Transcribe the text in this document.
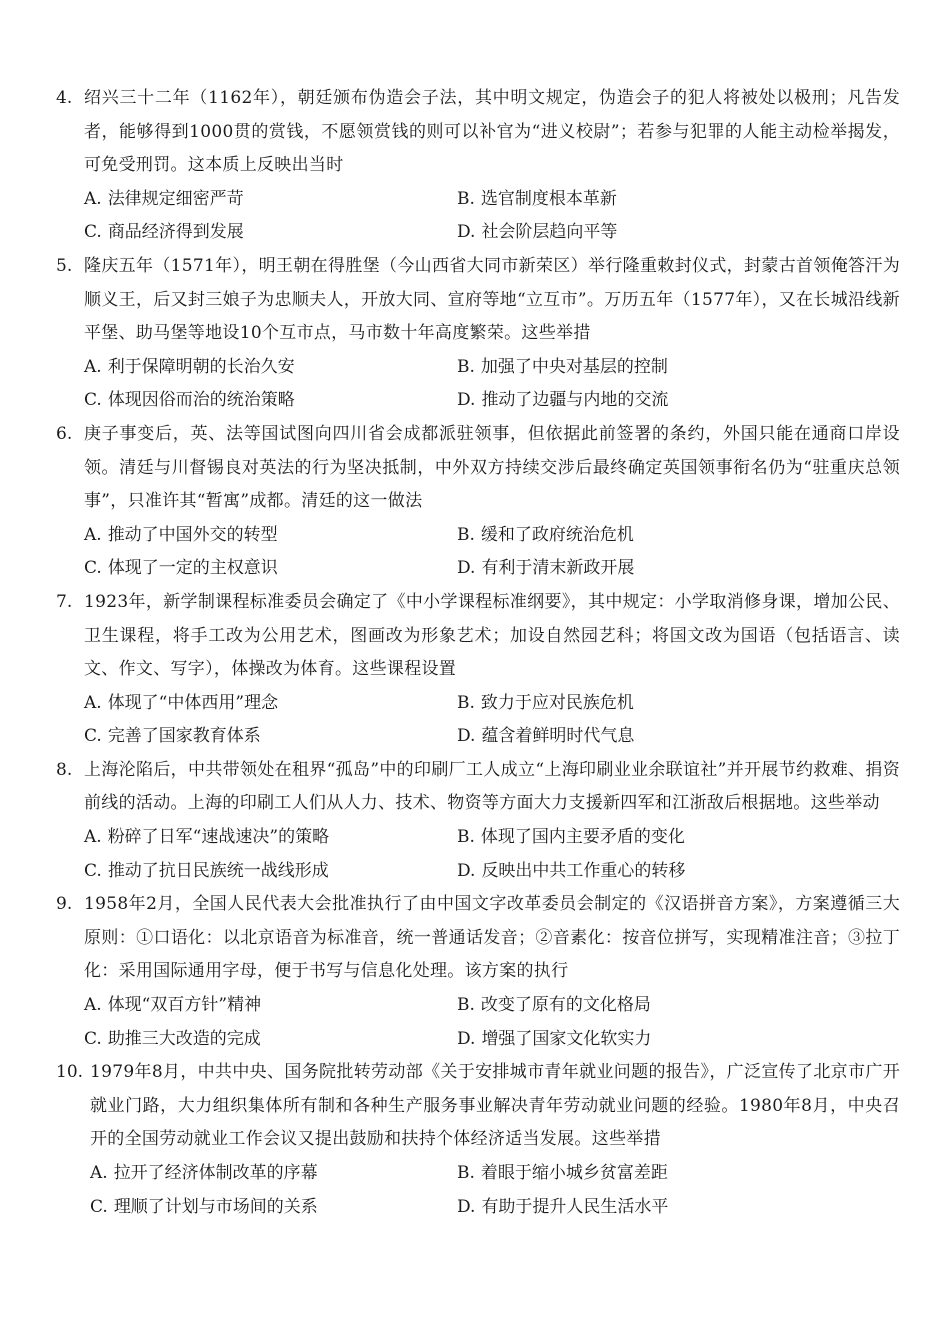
4. 绍兴三十二年（1162年），朝廷颁布伪造会子法，其中明文规定，伪造会子的犯人将被处以极刑；凡告发者，能够得到1000贯的赏钱，不愿领赏钱的则可以补官为“进义校尉”；若参与犯罪的人能主动检举揭发，可免受刑罚。这本质上反映出当时
A. 法律规定细密严苛	B. 选官制度根本革新
C. 商品经济得到发展	D. 社会阶层趋向平等
5. 隆庆五年（1571年），明王朝在得胜堡（今山西省大同市新荣区）举行隆重敕封仪式，封蒙古首领俺答汗为顺义王，后又封三娘子为忠顺夫人，开放大同、宣府等地“立互市”。万历五年（1577年），又在长城沿线新平堡、助马堡等地设10个互市点，马市数十年高度繁荣。这些举措
A. 利于保障明朝的长治久安	B. 加强了中央对基层的控制
C. 体现因俗而治的统治策略	D. 推动了边疆与内地的交流
6. 庚子事变后，英、法等国试图向四川省会成都派驻领事，但依据此前签署的条约，外国只能在通商口岸设领。清廷与川督锡良对英法的行为坚决抵制，中外双方持续交涉后最终确定英国领事衔名仍为“驻重庆总领事”，只准许其“暂寓”成都。清廷的这一做法
A. 推动了中国外交的转型	B. 缓和了政府统治危机
C. 体现了一定的主权意识	D. 有利于清末新政开展
7. 1923年，新学制课程标准委员会确定了《中小学课程标准纲要》，其中规定：小学取消修身课，增加公民、卫生课程，将手工改为公用艺术，图画改为形象艺术；加设自然园艺科；将国文改为国语（包括语言、读文、作文、写字），体操改为体育。这些课程设置
A. 体现了“中体西用”理念	B. 致力于应对民族危机
C. 完善了国家教育体系	D. 蕴含着鲜明时代气息
8. 上海沦陷后，中共带领处在租界“孤岛”中的印刷厂工人成立“上海印刷业业余联谊社”并开展节约救难、捐资前线的活动。上海的印刷工人们从人力、技术、物资等方面大力支援新四军和江浙敌后根据地。这些举动
A. 粉碎了日军“速战速决”的策略	B. 体现了国内主要矛盾的变化
C. 推动了抗日民族统一战线形成	D. 反映出中共工作重心的转移
9. 1958年2月，全国人民代表大会批准执行了由中国文字改革委员会制定的《汉语拼音方案》，方案遵循三大原则：①口语化：以北京语音为标准音，统一普通话发音；②音素化：按音位拼写，实现精准注音；③拉丁化：采用国际通用字母，便于书写与信息化处理。该方案的执行
A. 体现“双百方针”精神	B. 改变了原有的文化格局
C. 助推三大改造的完成	D. 增强了国家文化软实力
10. 1979年8月，中共中央、国务院批转劳动部《关于安排城市青年就业问题的报告》，广泛宣传了北京市广开就业门路，大力组织集体所有制和各种生产服务事业解决青年劳动就业问题的经验。1980年8月，中央召开的全国劳动就业工作会议又提出鼓励和扶持个体经济适当发展。这些举措
A. 拉开了经济体制改革的序幕	B. 着眼于缩小城乡贫富差距
C. 理顺了计划与市场间的关系	D. 有助于提升人民生活水平
